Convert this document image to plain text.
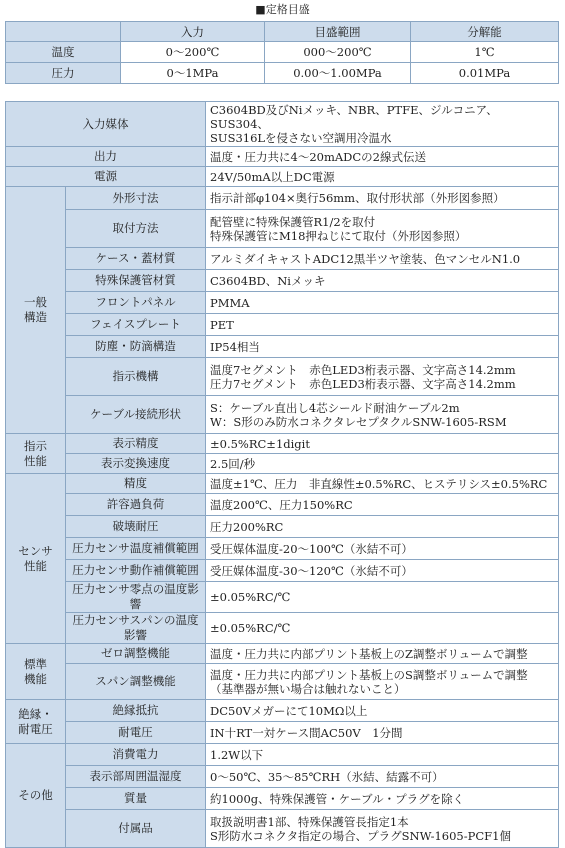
■定格目盛
	入力	目盛範囲	分解能
温度	0〜200℃	000〜200℃	1℃
圧力	0〜1MPa	0.00〜1.00MPa	0.01MPa
入力媒体		C3604BD及びNiメッキ、NBR、PTFE、ジルコニア、SUS304、
SUS316Lを侵さない空調用冷温水

出力		温度・圧力共に4〜20mADCの2線式伝送

電源		24V/50mA以上DC電源

一般
構造	外形寸法	指示計部φ104×奥行56mm、取付形状部（外形図参照）

	取付方法	配管壁に特殊保護管R1/2を取付
特殊保護管にM18押ねじにて取付（外形図参照）

	ケース・蓋材質	アルミダイキャストADC12黒半ツヤ塗装、色マンセルN1.0

	特殊保護管材質	C3604BD、Niメッキ

	フロントパネル	PMMA

	フェイスプレート	PET

	防塵・防滴構造	IP54相当

	指示機構	温度7セグメント　赤色LED3桁表示器、文字高さ14.2mm
圧力7セグメント　赤色LED3桁表示器、文字高さ14.2mm

	ケーブル接続形状	S：ケーブル直出し4芯シールド耐油ケーブル2m
W：S形のみ防水コネクタレセプタクルSNW-1605-RSM

指示
性能	表示精度	±0.5%RC±1digit

	表示変換速度	2.5回/秒

センサ
性能	精度	温度±1℃、圧力　非直線性±0.5%RC、ヒステリシス±0.5%RC

	許容過負荷	温度200℃、圧力150%RC

	破壊耐圧	圧力200%RC

	圧力センサ温度補償範囲	受圧媒体温度-20〜100℃（氷結不可）

	圧力センサ動作補償範囲	受圧媒体温度-30〜120℃（氷結不可）

	圧力センサ零点の温度影響	±0.05%RC/℃

	圧力センサスパンの温度影響	±0.05%RC/℃

標準
機能	ゼロ調整機能	温度・圧力共に内部プリント基板上のZ調整ボリュームで調整

	スパン調整機能	温度・圧力共に内部プリント基板上のS調整ボリュームで調整
（基準器が無い場合は触れないこと）

絶縁・
耐電圧	絶縁抵抗	DC50Vメガーにて10MΩ以上

	耐電圧	IN十RT一対ケース間AC50V　1分間

その他	消費電力	1.2W以下

	表示部周囲温湿度	0〜50℃、35〜85℃RH（氷結、結露不可）

	質量	約1000g、特殊保護管・ケーブル・プラグを除く

	付属品	取扱説明書1部、特殊保護管長指定1本
S形防水コネクタ指定の場合、プラグSNW-1605-PCF1個
